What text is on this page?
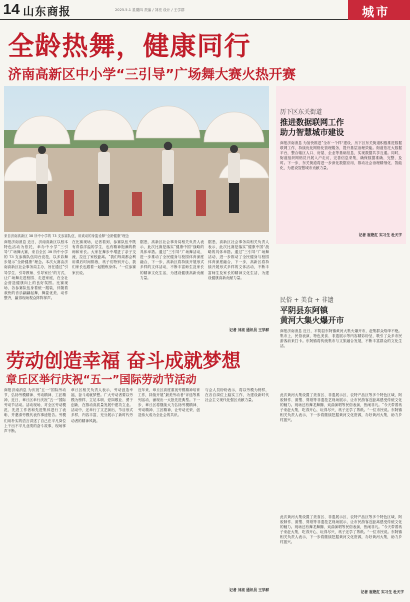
14 山东商报	2025.5.1 星期四 责编 / 刘亮 设计 / 王学群	城市
全龄热舞，健康同行
济南高新区中小学“三引导”广场舞大赛火热开赛
来自济南高新区 38 所中小学的 73 支参赛队伍，用欢动的身姿诠释“全龄健康”理念
商报济南消息 近日，济南高新区以校本特色活动为依托，举办中小学“三引导”广场舞大赛，来自全区 38 所中小学的 73 支参赛队伍同台竞技，以多彩舞步展示“全龄健康”理念。本次大赛由济南高新区社会事务局主办，旨在通过“引导学生、引导教师、引导家长”的方式，让广场舞走进校园、走进家庭，在全社会营造健康向上的良好氛围。比赛现场，各参赛队伍身着统一服装，伴随着欢快的音乐翩翩起舞，舞姿优美、动作整齐，赢得现场观众阵阵掌声。
在比赛现场，记者看到，参赛队伍中既有青春洋溢的学生，也有精神饱满的教师和家长。大家在舞步中增进了亲子交流，拉近了家校距离。“我们每周都会利用课后时间排练，孩子们特别开心，我们家长也跟着一起锻炼身体。”一位参赛家长说。
据悉，高新区社会事务局相关负责人表示，此次比赛是落实“健康中国”战略的具体举措。通过“三引导”广场舞活动，进一步推动了全民健身与校园体育深度融合，下一步，高新区将持续开展形式多样的文体活动，不断丰富师生及家长的精神文化生活，为建设健康高新贡献力量。
据悉，高新区社会事务局相关负责人表示，此次比赛是落实“健康中国”战略的具体举措。通过“三引导”广场舞活动，进一步推动了全民健身与校园体育深度融合，下一步，高新区将持续开展形式多样的文体活动，不断丰富师生及家长的精神文化生活，为建设健康高新贡献力量。
记者 刘亮 通讯员 王学群
历下区东关街道
推进数据联网工作
助力智慧城市建设
商报济南消息 为加快推进“全市一个样”建设，历下区东关街道积极推进数据联网工作，持续优化网格化管理服务，提升基层治理效能。街道依托大数据平台，整合辖区人口、房屋、企业等基础信息，实现数据共享互通。同时，街道组织网格员开展入户走访，完善信息采集，确保数据准确、完整、及时。下一步，东关街道将进一步深化数据应用，推动社会治理精细化、智能化，为建设智慧城市贡献力量。
记者 崔艳红 实习生 杜天宇
民俗 + 美食 + 非遗
平阴县东阿镇
黄河大集火爆开市
商报济南消息 近日，平阴县东阿镇黄河大集火爆开市，赶集群众络绎不绝。集市上，民俗表演、特色美食、非遗展示等内容精彩纷呈，吸引了众多市民游客前来打卡。东阿镇将传统集市与文旅融合发展，不断丰富群众的文化生活。
此次黄河大集设置了美食区、非遗展示区、农特产品区等多个特色区域，阿胶制作、面塑、剪纸等非遗技艺现场展示，让市民游客近距离感受传统文化的魅力。现场还有舞龙舞狮、戏曲演唱等民俗表演，热闹非凡。“今天带着孩子来赶大集，吃得开心，玩得尽兴，孩子还学了剪纸。”一位市民说。东阿镇相关负责人表示，下一步将继续挖掘黄河文化资源，办好黄河大集，助力乡村振兴。
劳动创造幸福 奋斗成就梦想
章丘区举行庆祝“五一”国际劳动节活动
商报济南消息 为庆祝“五一”国际劳动节，弘扬劳模精神、劳动精神、工匠精神，近日，章丘区举行庆祝“五一”国际劳动节活动。活动现场，对全区劳动模范、先进工作者和先进集体进行了表彰，并邀请劳模代表作事迹报告。劳模们用朴实的语言讲述了自己在平凡岗位上干出不平凡业绩的奋斗故事，现场掌声不断。
章丘区相关负责人表示，劳动创造幸福，奋斗成就梦想。广大劳动者要以劳模为榜样，立足本职、爱岗敬业、勇于创新，在推动高质量发展中建功立业。活动中，还举行了文艺演出，节目形式多样，内容丰富，充分展示了新时代劳动者的精神风貌。
近年来，章丘区高度重视劳模精神培育工作，持续开展“最美劳动者”评选等系列活动，涌现出一大批先进典型。下一步，章丘区将继续大力弘扬劳模精神、劳动精神、工匠精神，让劳动光荣、创造伟大成为全社会的共识。
与会人员纷纷表示，将以劳模为榜样，在各自岗位上踏实工作，为建设新时代社会主义现代化强区贡献力量。
记者 刘亮 通讯员 王学群
此次黄河大集设置了美食区、非遗展示区、农特产品区等多个特色区域，阿胶制作、面塑、剪纸等非遗技艺现场展示，让市民游客近距离感受传统文化的魅力。现场还有舞龙舞狮、戏曲演唱等民俗表演，热闹非凡。“今天带着孩子来赶大集，吃得开心，玩得尽兴，孩子还学了剪纸。”一位市民说。东阿镇相关负责人表示，下一步将继续挖掘黄河文化资源，办好黄河大集，助力乡村振兴。
记者 崔艳红 实习生 杜天宇
